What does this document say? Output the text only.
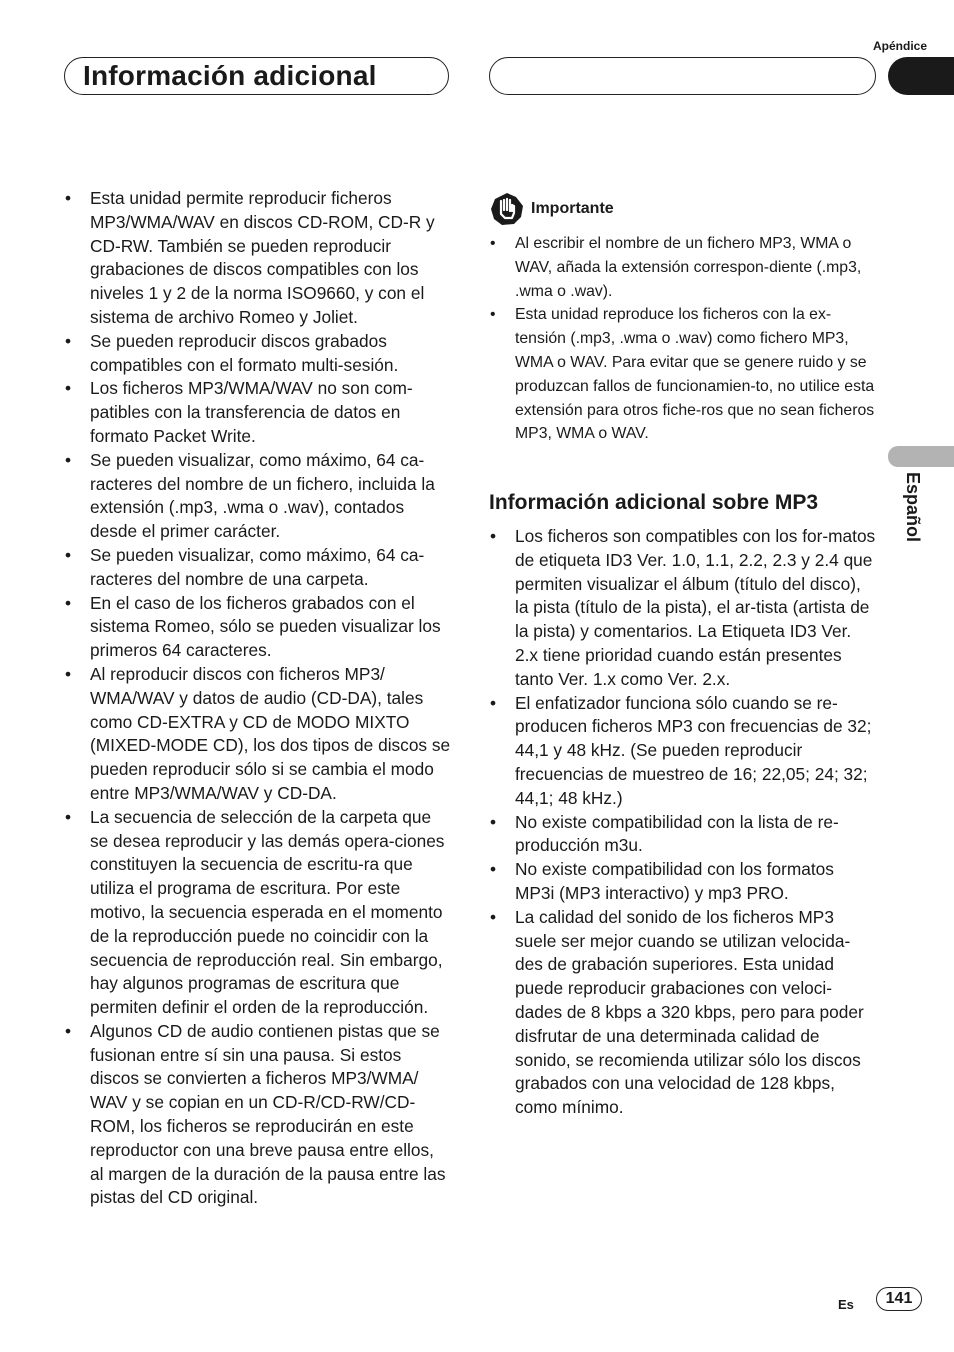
Apéndice
Información adicional
Español
• Esta unidad permite reproducir ficheros MP3/WMA/WAV en discos CD-ROM, CD-R y CD-RW. También se pueden reproducir grabaciones de discos compatibles con los niveles 1 y 2 de la norma ISO9660, y con el sistema de archivo Romeo y Joliet.
• Se pueden reproducir discos grabados compatibles con el formato multi-sesión.
• Los ficheros MP3/WMA/WAV no son com-patibles con la transferencia de datos en formato Packet Write.
• Se pueden visualizar, como máximo, 64 ca-racteres del nombre de un fichero, incluida la extensión (.mp3, .wma o .wav), contados desde el primer carácter.
• Se pueden visualizar, como máximo, 64 ca-racteres del nombre de una carpeta.
• En el caso de los ficheros grabados con el sistema Romeo, sólo se pueden visualizar los primeros 64 caracteres.
• Al reproducir discos con ficheros MP3/ WMA/WAV y datos de audio (CD-DA), tales como CD-EXTRA y CD de MODO MIXTO (MIXED-MODE CD), los dos tipos de discos se pueden reproducir sólo si se cambia el modo entre MP3/WMA/WAV y CD-DA.
• La secuencia de selección de la carpeta que se desea reproducir y las demás opera-ciones constituyen la secuencia de escritu-ra que utiliza el programa de escritura. Por este motivo, la secuencia esperada en el momento de la reproducción puede no coincidir con la secuencia de reproducción real. Sin embargo, hay algunos programas de escritura que permiten definir el orden de la reproducción.
• Algunos CD de audio contienen pistas que se fusionan entre sí sin una pausa. Si estos discos se convierten a ficheros MP3/WMA/ WAV y se copian en un CD-R/CD-RW/CD-ROM, los ficheros se reproducirán en este reproductor con una breve pausa entre ellos, al margen de la duración de la pausa entre las pistas del CD original.
Importante
• Al escribir el nombre de un fichero MP3, WMA o WAV, añada la extensión correspon-diente (.mp3, .wma o .wav).
• Esta unidad reproduce los ficheros con la ex-tensión (.mp3, .wma o .wav) como fichero MP3, WMA o WAV. Para evitar que se genere ruido y se produzcan fallos de funcionamien-to, no utilice esta extensión para otros fiche-ros que no sean ficheros MP3, WMA o WAV.
Información adicional sobre MP3
• Los ficheros son compatibles con los for-matos de etiqueta ID3 Ver. 1.0, 1.1, 2.2, 2.3 y 2.4 que permiten visualizar el álbum (título del disco), la pista (título de la pista), el ar-tista (artista de la pista) y comentarios. La Etiqueta ID3 Ver. 2.x tiene prioridad cuando están presentes tanto Ver. 1.x como Ver. 2.x.
• El enfatizador funciona sólo cuando se re-producen ficheros MP3 con frecuencias de 32; 44,1 y 48 kHz. (Se pueden reproducir frecuencias de muestreo de 16; 22,05; 24; 32; 44,1; 48 kHz.)
• No existe compatibilidad con la lista de re-producción m3u.
• No existe compatibilidad con los formatos MP3i (MP3 interactivo) y mp3 PRO.
• La calidad del sonido de los ficheros MP3 suele ser mejor cuando se utilizan velocida-des de grabación superiores. Esta unidad puede reproducir grabaciones con veloci-dades de 8 kbps a 320 kbps, pero para poder disfrutar de una determinada calidad de sonido, se recomienda utilizar sólo los discos grabados con una velocidad de 128 kbps, como mínimo.
Es	141
